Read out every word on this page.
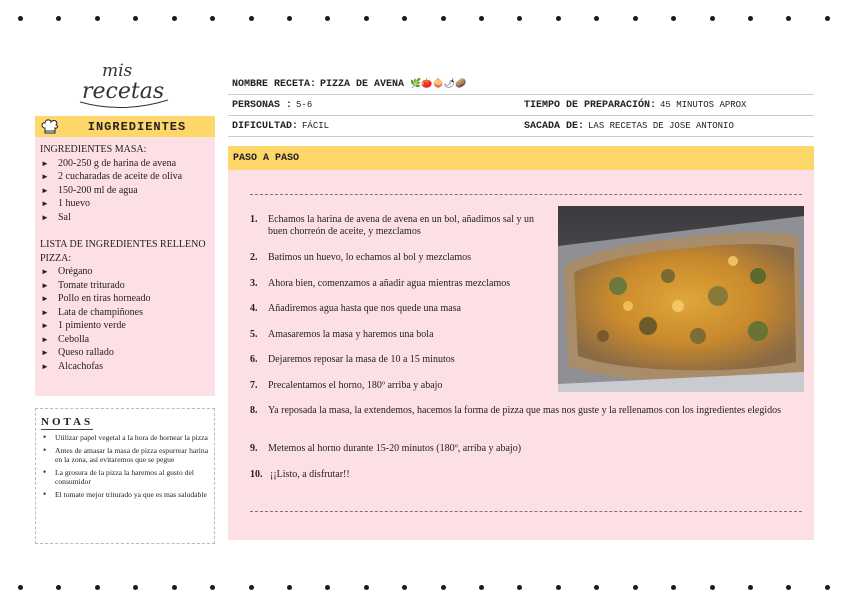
mis
recetas
INGREDIENTES
INGREDIENTES MASA:
► 200-250 g de harina de avena
► 2 cucharadas de aceite de oliva
► 150-200 ml de agua
► 1 huevo
► Sal
LISTA DE INGREDIENTES RELLENO PIZZA:
► Orégano
► Tomate triturado
► Pollo en tiras horneado
► Lata de champiñones
► 1 pimiento verde
► Cebolla
► Queso rallado
► Alcachofas
NOTAS
• Utilizar papel vegetal a la hora de hornear la pizza
• Antes de amasar la masa de pizza espurrear harina en la zona, así evitaremos que se pegue
• La grosura de la pizza la haremos al gusto del consumidor
• El tomate mejor triturado ya que es mas saludable
NOMBRE RECETA: PIZZA DE AVENA 🌿🍅🧅🌶🥔
PERSONAS : 5-6	TIEMPO DE PREPARACIÓN: 45 MINUTOS APROX
DIFICULTAD: FÁCIL	SACADA DE: LAS RECETAS DE JOSE ANTONIO
PASO A PASO
1.	Echamos la harina de avena de avena en un bol, añadimos sal y un buen chorreón de aceite, y mezclamos
2.	Batimos un huevo, lo echamos al bol y mezclamos
3.	Ahora bien, comenzamos a añadir agua mientras mezclamos
4.	Añadiremos agua hasta que nos quede una masa
5.	Amasaremos la masa y haremos una bola
6.	Dejaremos reposar la masa de 10 a 15 minutos
7.	Precalentamos el horno, 180º arriba y abajo
8.	Ya reposada la masa, la extendemos, hacemos la forma de pizza que mas nos guste y la rellenamos con los ingredientes elegidos
9.	Metemos al horno durante 15-20 minutos (180º, arriba y abajo)
10. ¡¡Listo, a disfrutar!!
